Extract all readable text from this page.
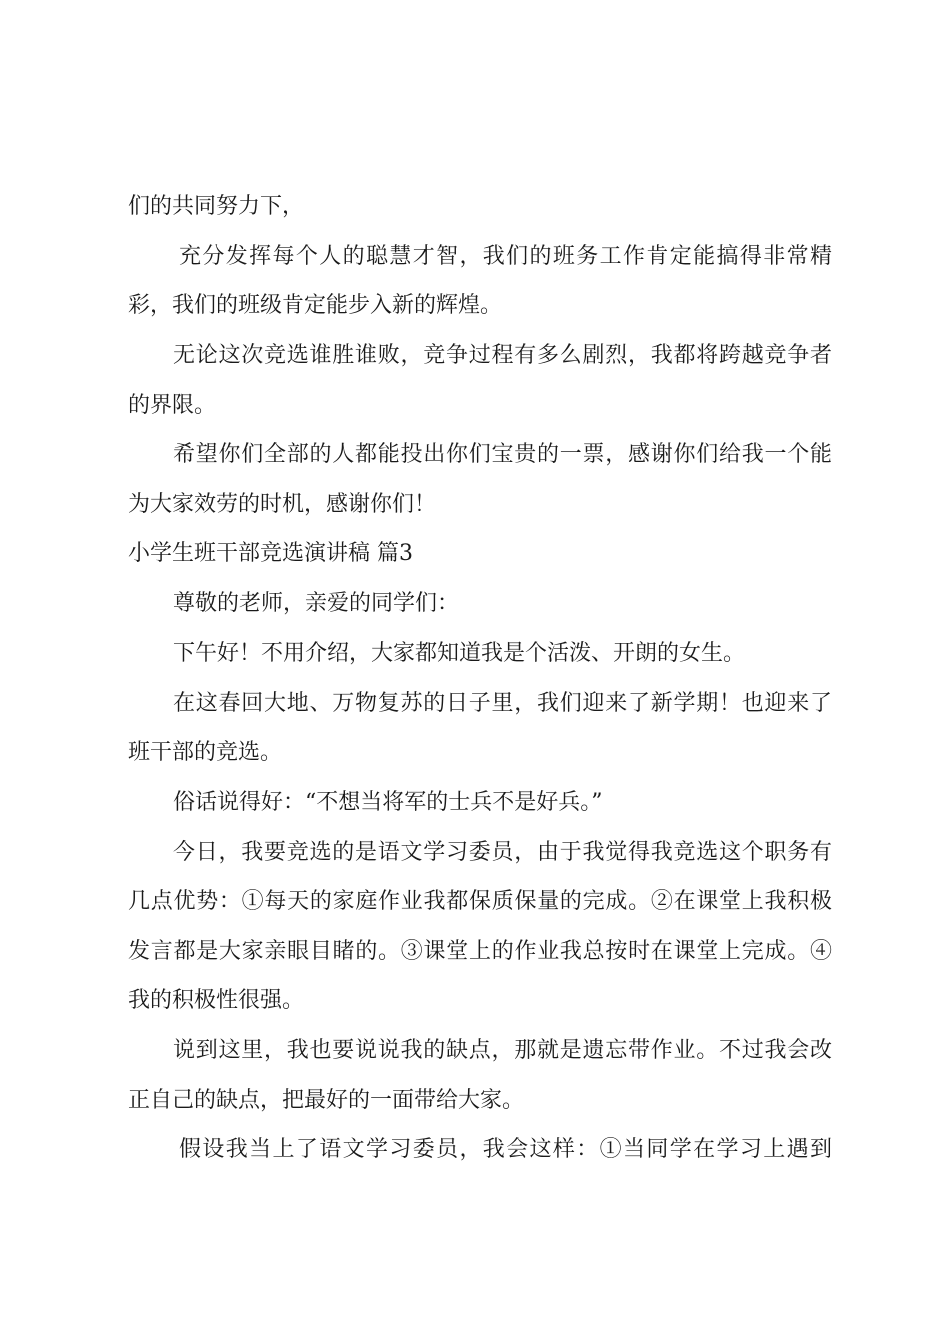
们的共同努力下，
充分发挥每个人的聪慧才智，我们的班务工作肯定能搞得非常精
彩，我们的班级肯定能步入新的辉煌。
无论这次竞选谁胜谁败，竞争过程有多么剧烈，我都将跨越竞争者
的界限。
希望你们全部的人都能投出你们宝贵的一票，感谢你们给我一个能
为大家效劳的时机，感谢你们！
小学生班干部竞选演讲稿 篇3
尊敬的老师，亲爱的同学们：
下午好！不用介绍，大家都知道我是个活泼、开朗的女生。
在这春回大地、万物复苏的日子里，我们迎来了新学期！也迎来了
班干部的竞选。
俗话说得好：“不想当将军的士兵不是好兵。”
今日，我要竞选的是语文学习委员，由于我觉得我竞选这个职务有
几点优势：①每天的家庭作业我都保质保量的完成。②在课堂上我积极
发言都是大家亲眼目睹的。③课堂上的作业我总按时在课堂上完成。④
我的积极性很强。
说到这里，我也要说说我的缺点，那就是遗忘带作业。不过我会改
正自己的缺点，把最好的一面带给大家。
假设我当上了语文学习委员，我会这样：①当同学在学习上遇到
